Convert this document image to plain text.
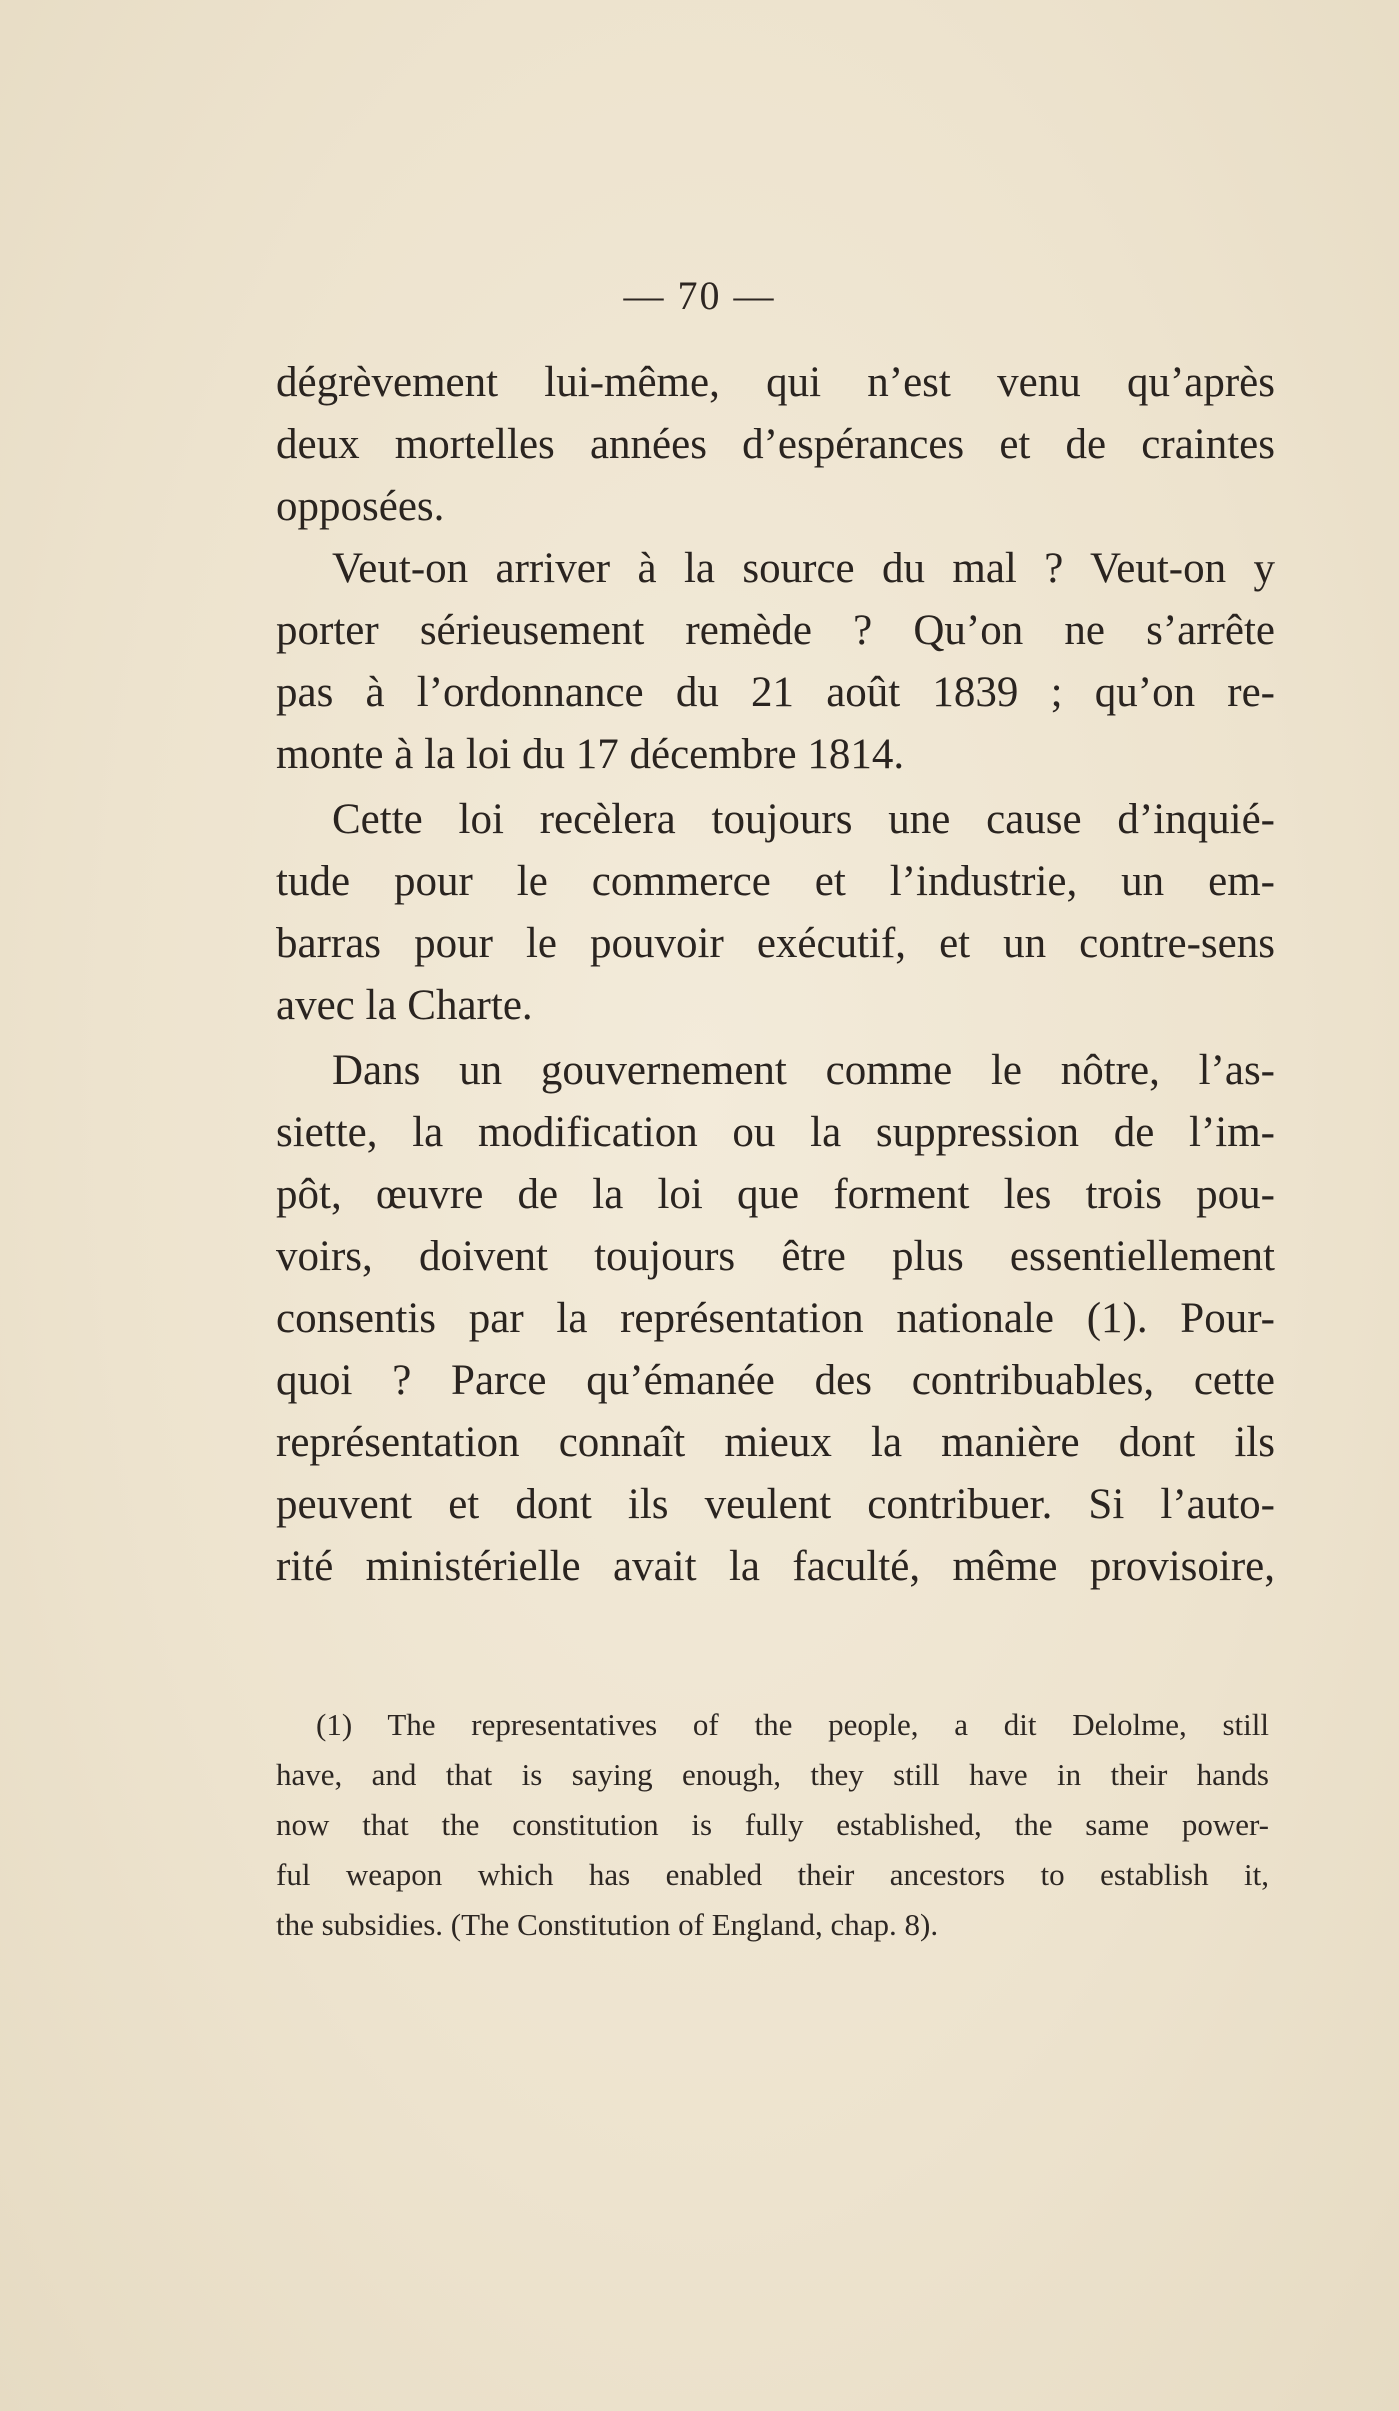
— 70 —
dégrèvement lui-même, qui n’est venu qu’après
deux mortelles années d’espérances et de craintes
opposées.
Veut-on arriver à la source du mal ? Veut-on y
porter sérieusement remède ? Qu’on ne s’arrête
pas à l’ordonnance du 21 août 1839 ; qu’on re-
monte à la loi du 17 décembre 1814.
Cette loi recèlera toujours une cause d’inquié-
tude pour le commerce et l’industrie, un em-
barras pour le pouvoir exécutif, et un contre-sens
avec la Charte.
Dans un gouvernement comme le nôtre, l’as-
siette, la modification ou la suppression de l’im-
pôt, œuvre de la loi que forment les trois pou-
voirs, doivent toujours être plus essentiellement
consentis par la représentation nationale (1). Pour-
quoi ? Parce qu’émanée des contribuables, cette
représentation connaît mieux la manière dont ils
peuvent et dont ils veulent contribuer. Si l’auto-
rité ministérielle avait la faculté, même provisoire,
(1) The representatives of the people, a dit Delolme, still
have, and that is saying enough, they still have in their hands
now that the constitution is fully established, the same power-
ful weapon which has enabled their ancestors to establish it,
the subsidies. (The Constitution of England, chap. 8).
